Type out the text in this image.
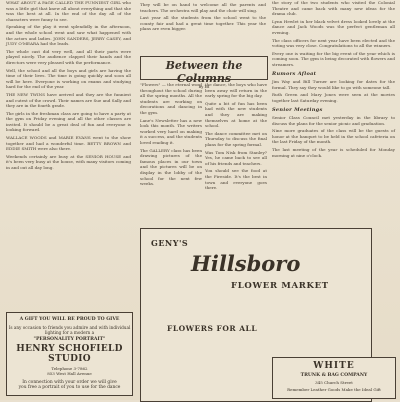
WHAT ABOUT A PAGE CALLED THE FUNNIEST GIRL who was a little girl that knew all about everything and that she was the best at all. In the end of the day all of the characters were funny to see.

Speaking of the play it went splendidly in the afternoon, and the whole school went and saw what happened with the actors and ladies. JOHN SANDERS, JERRY CASEY, and JUDY O'MEARA had the leads.

The whole cast did very well, and all their parts were played nicely. The audience clapped their hands and the directors were very pleased with the performance.

Well, the school and all the boys and girls are having the time of their lives. The time is going quickly and soon all will be here. Everyone is working on exams and studying hard for the end of the year.

THE NEW TWINS have arrived and they are the funniest and cutest of the crowd. Their names are Sue and Sally and they are in the fourth grade.

The girls in the freshman class are going to have a party at the gym on Friday evening and all the other classes are invited. It should be a great deal of fun and everyone is looking forward.

WALLACE WOODS and MARIE EVANS went to the show together and had a wonderful time. BETTY BROWN and EDDIE SMITH were also there.

Weekends certainly are busy at the SENIOR HOUSE and it's been very busy at the house, with many visitors coming in and out all day long.

A GIFT YOU WILL BE PROUD TO GIVE
Is any occasion to friends you admire and with individual lighting for a modern a
"PERSONALITY PORTRAIT"
HENRY SCHOFIELD STUDIO
Telephone 3-7862
853 West Hall Avenue
In connection with your order we will give
you free a portrait of you to use for the dance

They will be on hand to welcome all the parents and teachers. The orchestra will play and the choir will sing.

Last year all the students from the school went to the county fair and had a great time together. This year the plans are even bigger.

Between the Columns
By Ed

"Flowers" — the eternal word throughout the school during all the spring months. All the students are working on decorations and dancing in the gym.

Lane's Newsletter has a new look this month. The writers worked very hard on making it a success, and the students loved reading it.

The GALLERY class has been drawing pictures of the famous places in our town and the pictures will be on display in the lobby of the school for the next few weeks.

the dance, the boys who have been away will return in the early spring for the big day.

Quite a bit of fun has been had with the new students and they are making themselves at home at the school.

The dance committee met on Thursday to discuss the final plans for the spring formal.

Was Tom Nisk from Stanley? Yes, he came back to see all of his friends and teachers.

You should see the food at the Fireside. It's the best in town and everyone goes there.

GENY'S
Hillsboro
FLOWER MARKET
FLOWERS FOR ALL

the story of the two students who visited the Colonial Theatre and came back with many new ideas for the drama club.

Lynn Hewlet in her black velvet dress looked lovely at the dance and Jack Woods was the perfect gentleman all evening.

The class officers for next year have been elected and the voting was very close. Congratulations to all the winners.

Every one is waiting for the big event of the year which is coming soon. The gym is being decorated with flowers and streamers.

Rumors Afloat

Jim Way and Bill Turner are looking for dates for the formal. They say they would like to go with someone tall.

Ruth Green and Mary Jones were seen at the movies together last Saturday evening.

Senior Meetings

Senior Class Council met yesterday in the library to discuss the plans for the senior picnic and graduation.

Nine more graduates of the class will be the guests of honor at the banquet to be held in the school cafeteria on the last Friday of the month.

The last meeting of the year is scheduled for Monday morning at nine o'clock.

WHITE
TRUNK & BAG COMPANY
345 Church Street
Remember Leather Goods Make the Ideal Gift
